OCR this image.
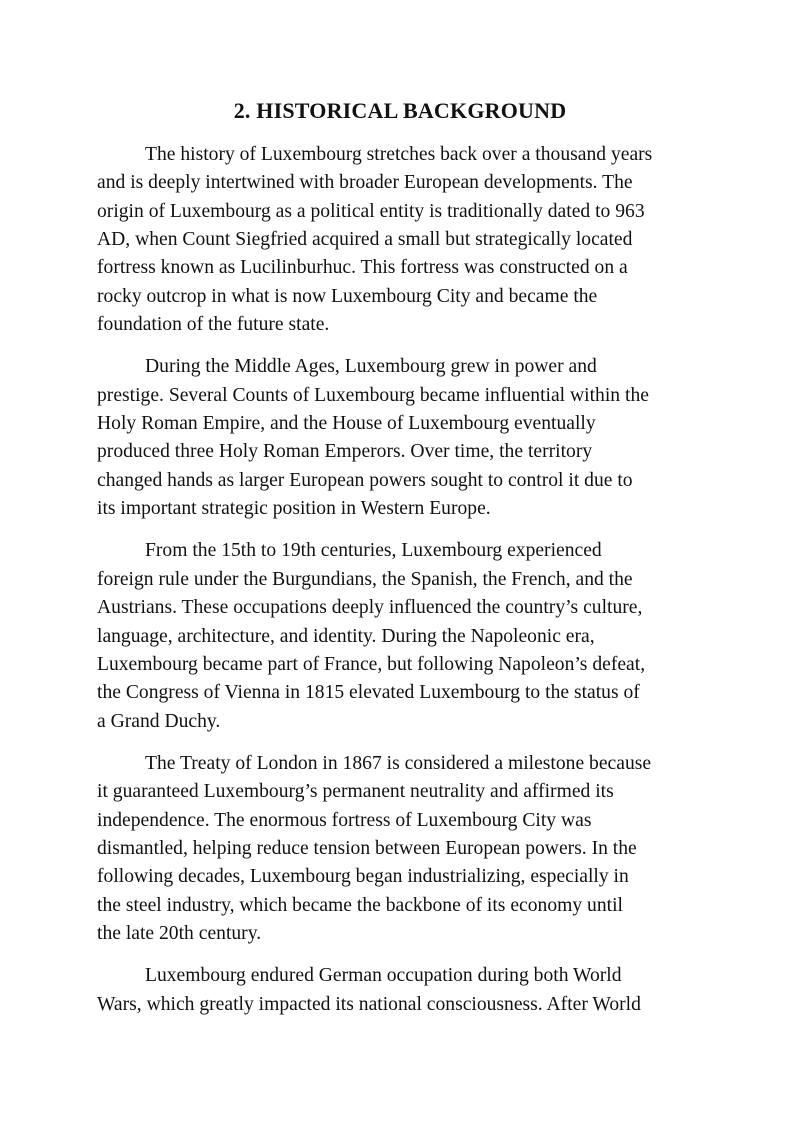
2. HISTORICAL BACKGROUND

The history of Luxembourg stretches back over a thousand years
and is deeply intertwined with broader European developments. The
origin of Luxembourg as a political entity is traditionally dated to 963
AD, when Count Siegfried acquired a small but strategically located
fortress known as Lucilinburhuc. This fortress was constructed on a
rocky outcrop in what is now Luxembourg City and became the
foundation of the future state.

During the Middle Ages, Luxembourg grew in power and
prestige. Several Counts of Luxembourg became influential within the
Holy Roman Empire, and the House of Luxembourg eventually
produced three Holy Roman Emperors. Over time, the territory
changed hands as larger European powers sought to control it due to
its important strategic position in Western Europe.

From the 15th to 19th centuries, Luxembourg experienced
foreign rule under the Burgundians, the Spanish, the French, and the
Austrians. These occupations deeply influenced the country’s culture,
language, architecture, and identity. During the Napoleonic era,
Luxembourg became part of France, but following Napoleon’s defeat,
the Congress of Vienna in 1815 elevated Luxembourg to the status of
a Grand Duchy.

The Treaty of London in 1867 is considered a milestone because
it guaranteed Luxembourg’s permanent neutrality and affirmed its
independence. The enormous fortress of Luxembourg City was
dismantled, helping reduce tension between European powers. In the
following decades, Luxembourg began industrializing, especially in
the steel industry, which became the backbone of its economy until
the late 20th century.

Luxembourg endured German occupation during both World
Wars, which greatly impacted its national consciousness. After World
